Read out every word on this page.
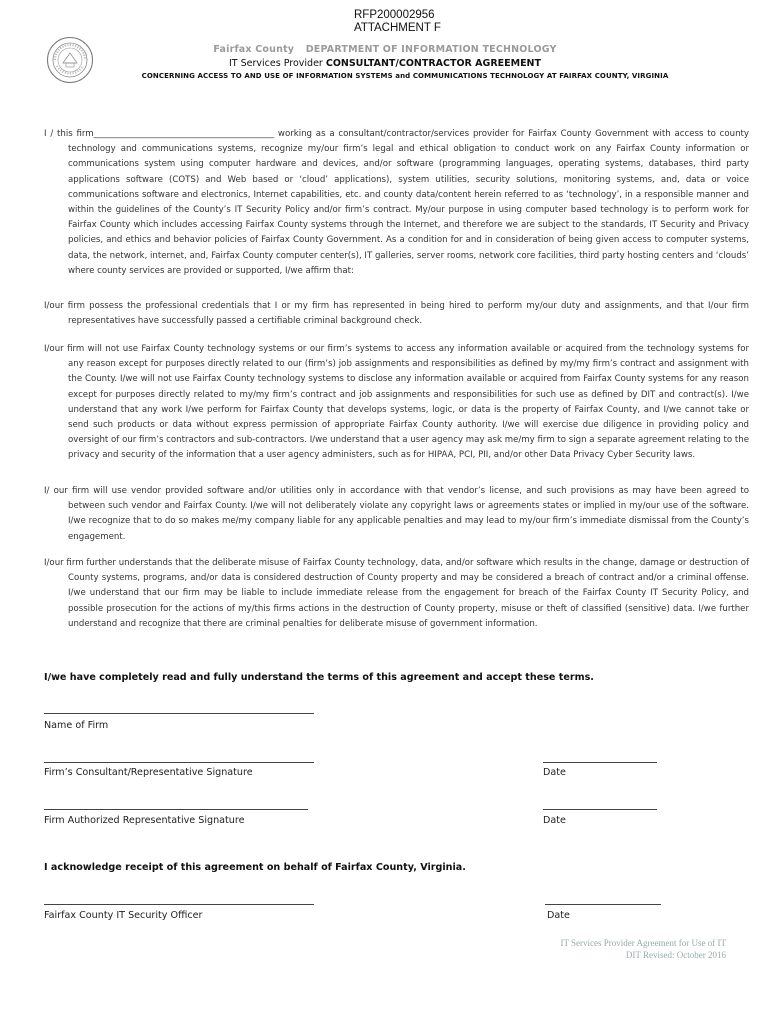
RFP200002956
ATTACHMENT F
Fairfax County DEPARTMENT OF INFORMATION TECHNOLOGY
IT Services Provider CONSULTANT/CONTRACTOR AGREEMENT
CONCERNING ACCESS TO AND USE OF INFORMATION SYSTEMS and COMMUNICATIONS TECHNOLOGY AT FAIRFAX COUNTY, VIRGINIA
I / this firm__________________________________________ working as a consultant/contractor/services provider for Fairfax County Government with access to county technology and communications systems, recognize my/our firm’s legal and ethical obligation to conduct work on any Fairfax County information or communications system using computer hardware and devices, and/or software (programming languages, operating systems, databases, third party applications software (COTS) and Web based or ‘cloud’ applications), system utilities, security solutions, monitoring systems, and, data or voice communications software and electronics, Internet capabilities, etc. and county data/content herein referred to as ‘technology’, in a responsible manner and within the guidelines of the County’s IT Security Policy and/or firm’s contract. My/our purpose in using computer based technology is to perform work for Fairfax County which includes accessing Fairfax County systems through the Internet, and therefore we are subject to the standards, IT Security and Privacy policies, and ethics and behavior policies of Fairfax County Government. As a condition for and in consideration of being given access to computer systems, data, the network, internet, and, Fairfax County computer center(s), IT galleries, server rooms, network core facilities, third party hosting centers and ‘clouds’ where county services are provided or supported, I/we affirm that:
I/our firm possess the professional credentials that I or my firm has represented in being hired to perform my/our duty and assignments, and that I/our firm representatives have successfully passed a certifiable criminal background check.
I/our firm will not use Fairfax County technology systems or our firm’s systems to access any information available or acquired from the technology systems for any reason except for purposes directly related to our (firm’s) job assignments and responsibilities as defined by my/my firm’s contract and assignment with the County. I/we will not use Fairfax County technology systems to disclose any information available or acquired from Fairfax County systems for any reason except for purposes directly related to my/my firm’s contract and job assignments and responsibilities for such use as defined by DIT and contract(s). I/we understand that any work I/we perform for Fairfax County that develops systems, logic, or data is the property of Fairfax County, and I/we cannot take or send such products or data without express permission of appropriate Fairfax County authority. I/we will exercise due diligence in providing policy and oversight of our firm’s contractors and sub-contractors. I/we understand that a user agency may ask me/my firm to sign a separate agreement relating to the privacy and security of the information that a user agency administers, such as for HIPAA, PCI, PII, and/or other Data Privacy Cyber Security laws.
I/ our firm will use vendor provided software and/or utilities only in accordance with that vendor’s license, and such provisions as may have been agreed to between such vendor and Fairfax County. I/we will not deliberately violate any copyright laws or agreements states or implied in my/our use of the software. I/we recognize that to do so makes me/my company liable for any applicable penalties and may lead to my/our firm’s immediate dismissal from the County’s engagement.
I/our firm further understands that the deliberate misuse of Fairfax County technology, data, and/or software which results in the change, damage or destruction of County systems, programs, and/or data is considered destruction of County property and may be considered a breach of contract and/or a criminal offense. I/we understand that our firm may be liable to include immediate release from the engagement for breach of the Fairfax County IT Security Policy, and possible prosecution for the actions of my/this firms actions in the destruction of County property, misuse or theft of classified (sensitive) data. I/we further understand and recognize that there are criminal penalties for deliberate misuse of government information.
I/we have completely read and fully understand the terms of this agreement and accept these terms.
Name of Firm
Firm’s Consultant/Representative Signature	Date
Firm Authorized Representative Signature	Date
I acknowledge receipt of this agreement on behalf of Fairfax County, Virginia.
Fairfax County IT Security Officer	Date
IT Services Provider Agreement for Use of IT
DIT Revised: October 2016
